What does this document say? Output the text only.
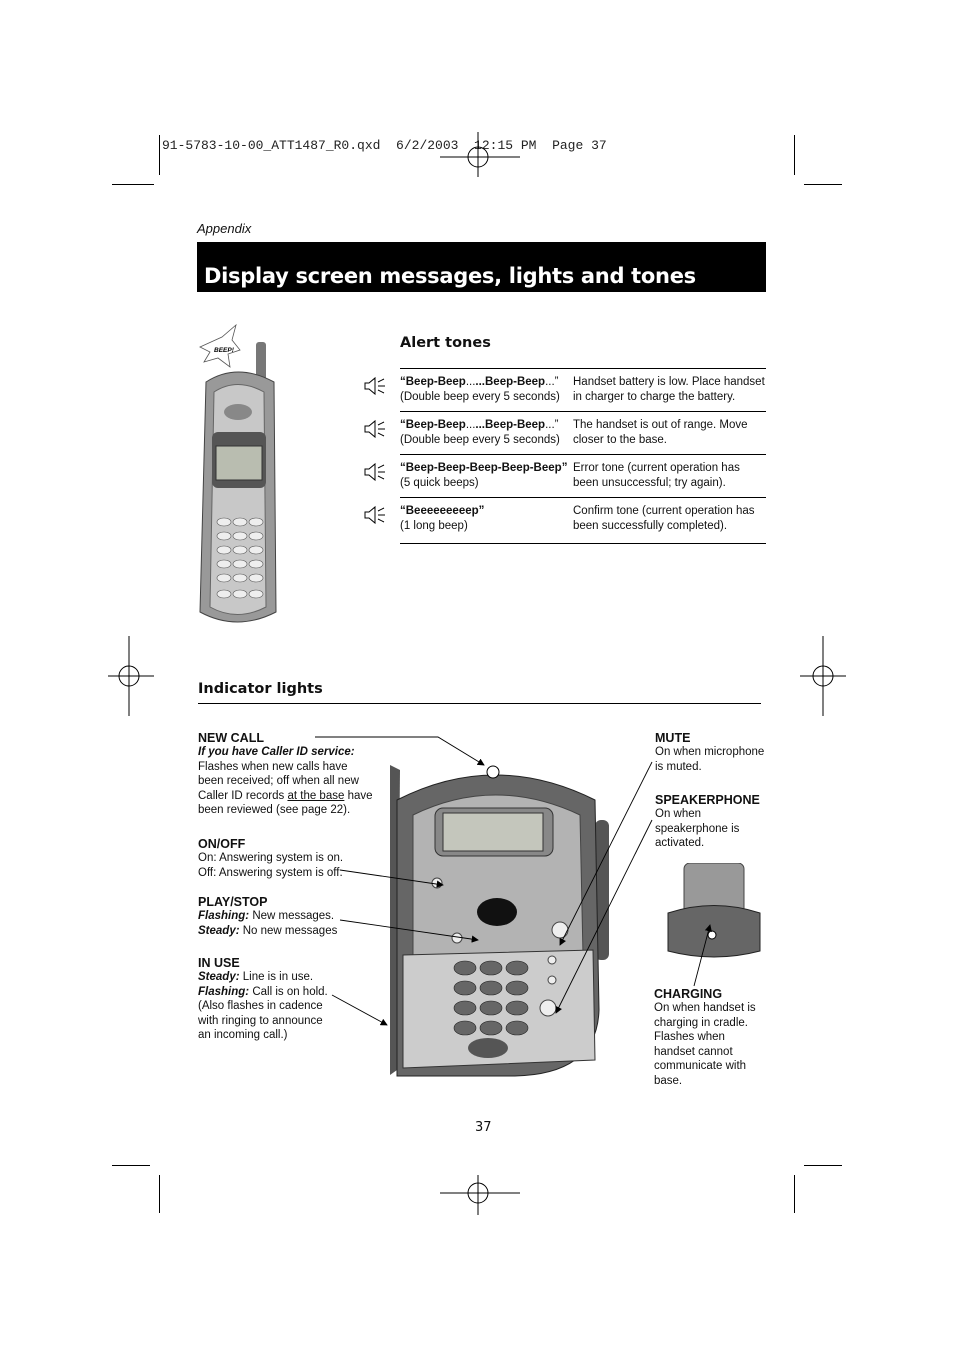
91-5783-10-00_ATT1487_R0.qxd  6/2/2003  12:15 PM  Page 37
Appendix
Display screen messages, lights and tones
BEEP!	Alert tones
“Beep-Beep......Beep-Beep...”
(Double beep every 5 seconds)
Handset battery is low. Place handset in charger to charge the battery.
“Beep-Beep......Beep-Beep...”
(Double beep every 5 seconds)
The handset is out of range. Move closer to the base.
“Beep-Beep-Beep-Beep-Beep”
(5 quick beeps)
Error tone (current operation has been unsuccessful; try again).
“Beeeeeeeeep”
(1 long beep)
Confirm tone (current operation has been successfully completed).
Indicator lights
NEW CALL
If you have Caller ID service:
Flashes when new calls have been received; off when all new Caller ID records at the base have been reviewed (see page 22).
ON/OFF
On: Answering system is on.
Off: Answering system is off.
PLAY/STOP
Flashing: New messages.
Steady: No new messages
IN USE
Steady: Line is in use.
Flashing: Call is on hold. (Also flashes in cadence with ringing to announce an incoming call.)
MUTE
On when microphone is muted.
SPEAKERPHONE
On when speakerphone is activated.
CHARGING
On when handset is charging in cradle. Flashes when handset cannot communicate with base.
37
